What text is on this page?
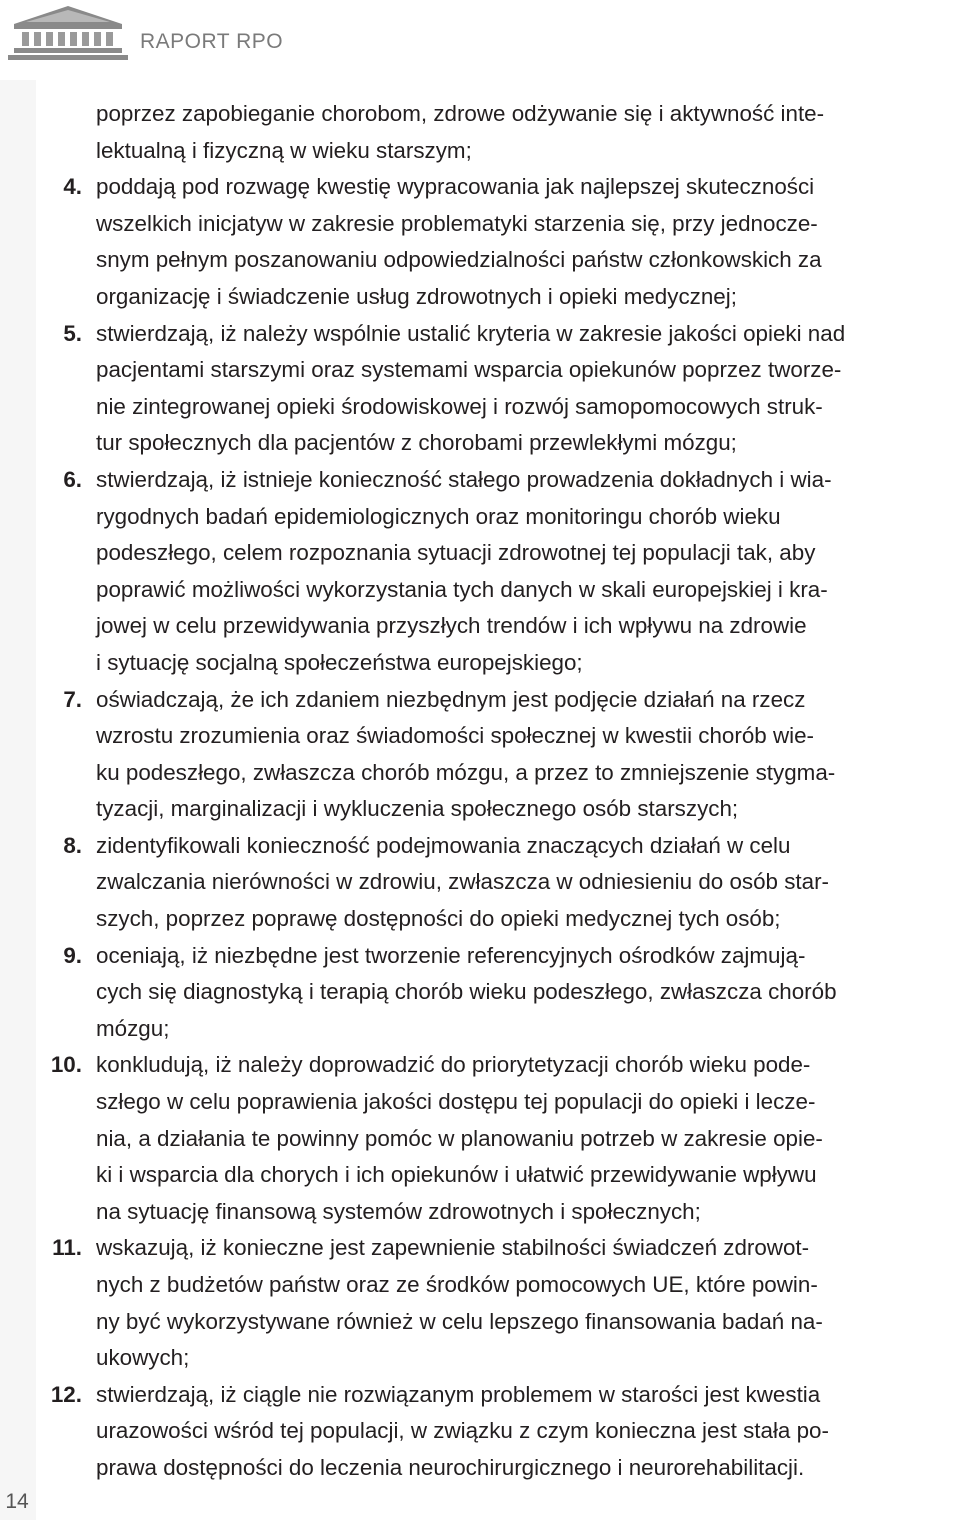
RAPORT RPO
14
poprzez zapobieganie chorobom, zdrowe odżywanie się i aktywność inte-
lektualną i fizyczną w wieku starszym;
4. poddają pod rozwagę kwestię wypracowania jak najlepszej skuteczności
wszelkich inicjatyw w zakresie problematyki starzenia się, przy jednocze-
snym pełnym poszanowaniu odpowiedzialności państw członkowskich za
organizację i świadczenie usług zdrowotnych i opieki medycznej;
5. stwierdzają, iż należy wspólnie ustalić kryteria w zakresie jakości opieki nad
pacjentami starszymi oraz systemami wsparcia opiekunów poprzez tworze-
nie zintegrowanej opieki środowiskowej i rozwój samopomocowych struk-
tur społecznych dla pacjentów z chorobami przewlekłymi mózgu;
6. stwierdzają, iż istnieje konieczność stałego prowadzenia dokładnych i wia-
rygodnych badań epidemiologicznych oraz monitoringu chorób wieku
podeszłego, celem rozpoznania sytuacji zdrowotnej tej populacji tak, aby
poprawić możliwości wykorzystania tych danych w skali europejskiej i kra-
jowej w celu przewidywania przyszłych trendów i ich wpływu na zdrowie
i sytuację socjalną społeczeństwa europejskiego;
7. oświadczają, że ich zdaniem niezbędnym jest podjęcie działań na rzecz
wzrostu zrozumienia oraz świadomości społecznej w kwestii chorób wie-
ku podeszłego, zwłaszcza chorób mózgu, a przez to zmniejszenie stygma-
tyzacji, marginalizacji i wykluczenia społecznego osób starszych;
8. zidentyfikowali konieczność podejmowania znaczących działań w celu
zwalczania nierówności w zdrowiu, zwłaszcza w odniesieniu do osób star-
szych, poprzez poprawę dostępności do opieki medycznej tych osób;
9. oceniają, iż niezbędne jest tworzenie referencyjnych ośrodków zajmują-
cych się diagnostyką i terapią chorób wieku podeszłego, zwłaszcza chorób
mózgu;
10. konkludują, iż należy doprowadzić do priorytetyzacji chorób wieku pode-
szłego w celu poprawienia jakości dostępu tej populacji do opieki i lecze-
nia, a działania te powinny pomóc w planowaniu potrzeb w zakresie opie-
ki i wsparcia dla chorych i ich opiekunów i ułatwić przewidywanie wpływu
na sytuację finansową systemów zdrowotnych i społecznych;
11. wskazują, iż konieczne jest zapewnienie stabilności świadczeń zdrowot-
nych z budżetów państw oraz ze środków pomocowych UE, które powin-
ny być wykorzystywane również w celu lepszego finansowania badań na-
ukowych;
12. stwierdzają, iż ciągle nie rozwiązanym problemem w starości jest kwestia
urazowości wśród tej populacji, w związku z czym konieczna jest stała po-
prawa dostępności do leczenia neurochirurgicznego i neurorehabilitacji.
